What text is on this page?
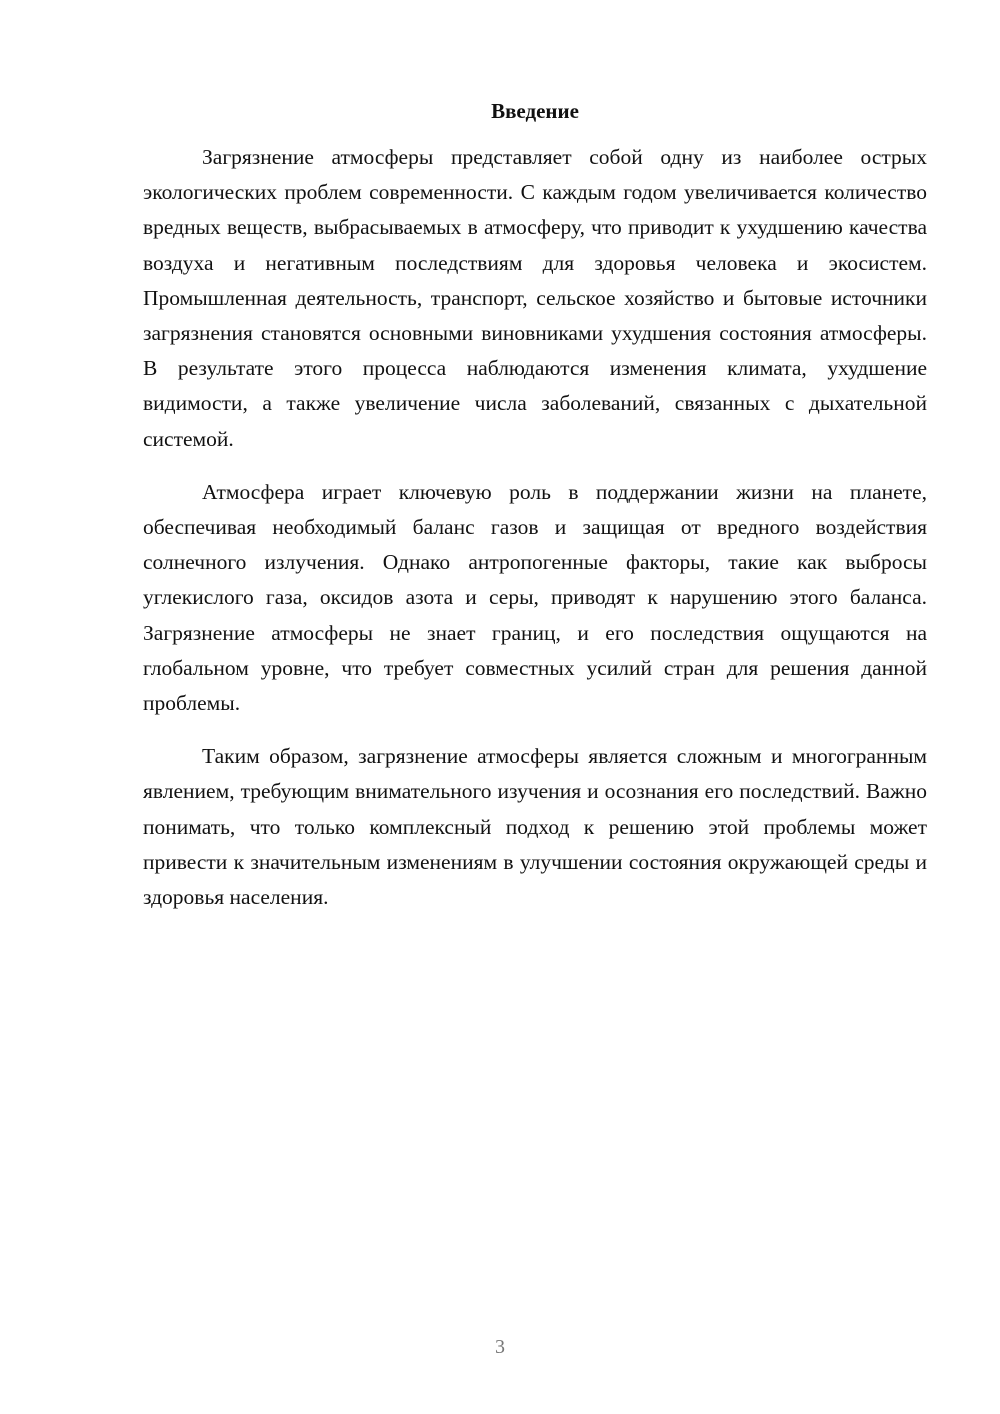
Введение

Загрязнение атмосферы представляет собой одну из наиболее острых экологических проблем современности. С каждым годом увеличивается количество вредных веществ, выбрасываемых в атмосферу, что приводит к ухудшению качества воздуха и негативным последствиям для здоровья человека и экосистем. Промышленная деятельность, транспорт, сельское хозяйство и бытовые источники загрязнения становятся основными виновниками ухудшения состояния атмосферы. В результате этого процесса наблюдаются изменения климата, ухудшение видимости, а также увеличение числа заболеваний, связанных с дыхательной системой.

Атмосфера играет ключевую роль в поддержании жизни на планете, обеспечивая необходимый баланс газов и защищая от вредного воздействия солнечного излучения. Однако антропогенные факторы, такие как выбросы углекислого газа, оксидов азота и серы, приводят к нарушению этого баланса. Загрязнение атмосферы не знает границ, и его последствия ощущаются на глобальном уровне, что требует совместных усилий стран для решения данной проблемы.

Таким образом, загрязнение атмосферы является сложным и многогранным явлением, требующим внимательного изучения и осознания его последствий. Важно понимать, что только комплексный подход к решению этой проблемы может привести к значительным изменениям в улучшении состояния окружающей среды и здоровья населения.

3
